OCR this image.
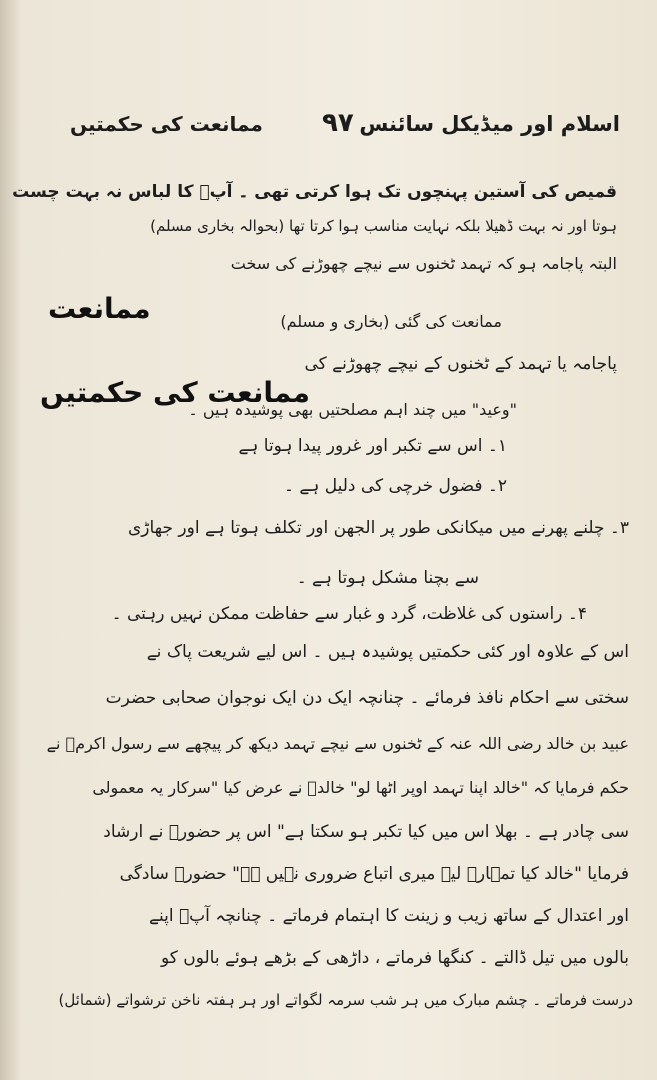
اسلام اور میڈیکل سائنس
۹۷
ممانعت کی حکمتیں
قمیص کی آستین پہنچوں تک ہوا کرتی تھی ۔ آپؐ کا لباس نہ بہت چست
ہوتا اور نہ بہت ڈھیلا بلکہ نہایت مناسب ہوا کرتا تھا (بحوالہ بخاری مسلم)
ممانعت
البتہ پاجامہ ہو کہ تہمد ٹخنوں سے نیچے چھوڑنے کی سخت
ممانعت کی گئی (بخاری و مسلم)
ممانعت کی حکمتیں
پاجامہ یا تہمد کے ٹخنوں کے نیچے چھوڑنے کی
"وعید" میں چند اہم مصلحتیں بھی پوشیدہ ہیں ۔
۱۔ اس سے تکبر اور غرور پیدا ہوتا ہے
۲۔ فضول خرچی کی دلیل ہے ۔
۳۔ چلنے پھرنے میں میکانکی طور پر الجھن اور تکلف ہوتا ہے اور جھاڑی
سے بچنا مشکل ہوتا ہے ۔
۴۔ راستوں کی غلاظت، گرد و غبار سے حفاظت ممکن نہیں رہتی ۔
اس کے علاوہ اور کئی حکمتیں پوشیدہ ہیں ۔ اس لیے شریعت پاک نے
سختی سے احکام نافذ فرمائے ۔ چنانچہ ایک دن ایک نوجوان صحابی حضرت
عبید بن خالد رضی اللہ عنہ کے ٹخنوں سے نیچے تہمد دیکھ کر پیچھے سے رسول اکرمؐ نے
حکم فرمایا کہ "خالد اپنا تہمد اوپر اٹھا لو" خالدؓ نے عرض کیا "سرکار یہ معمولی
سی چادر ہے ۔ بھلا اس میں کیا تکبر ہو سکتا ہے" اس پر حضورؐ نے ارشاد
فرمایا "خالد کیا تمہارے لیے میری اتباع ضروری نہیں ہے" حضورؐ سادگی
اور اعتدال کے ساتھ زیب و زینت کا اہتمام فرماتے ۔ چنانچہ آپؐ اپنے
بالوں میں تیل ڈالتے ۔ کنگھا فرماتے ، داڑھی کے بڑھے ہوئے بالوں کو
درست فرماتے ۔ چشم مبارک میں ہر شب سرمہ لگواتے اور ہر ہفتہ ناخن ترشواتے (شمائل)
